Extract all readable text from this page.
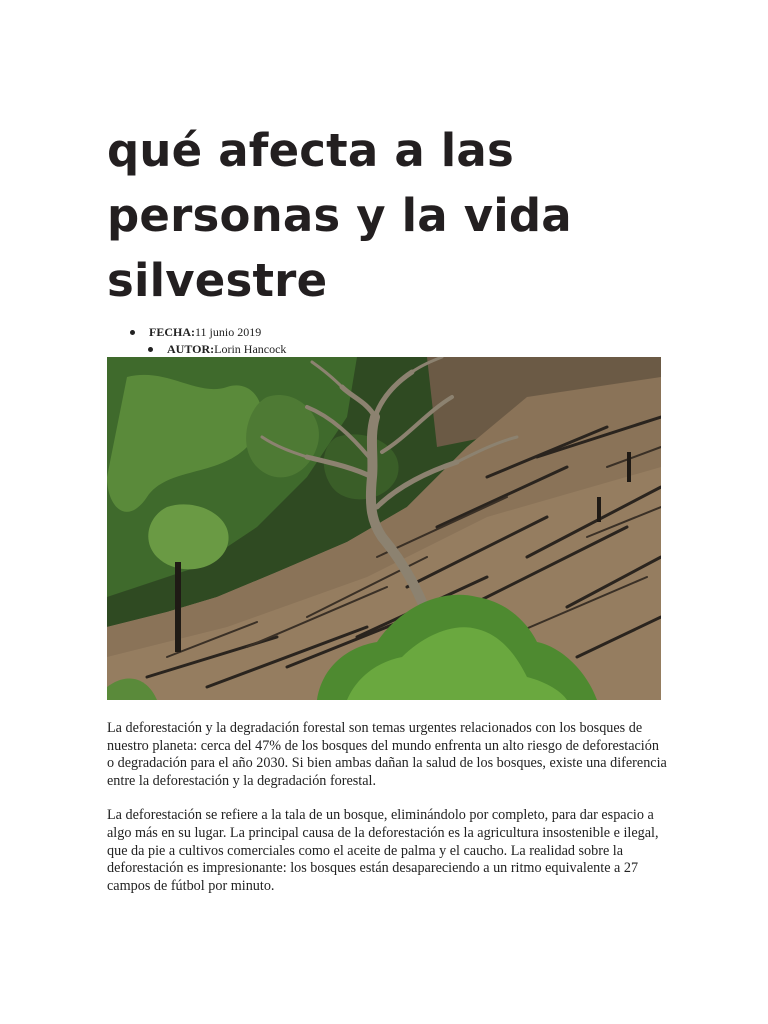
qué afecta a las personas y la vida silvestre
FECHA:11 junio 2019
AUTOR:Lorin Hancock

La deforestación y la degradación forestal son temas urgentes relacionados con los bosques de nuestro planeta: cerca del 47% de los bosques del mundo enfrenta un alto riesgo de deforestación o degradación para el año 2030. Si bien ambas dañan la salud de los bosques, existe una diferencia entre la deforestación y la degradación forestal.

La deforestación se refiere a la tala de un bosque, eliminándolo por completo, para dar espacio a algo más en su lugar. La principal causa de la deforestación es la agricultura insostenible e ilegal, que da pie a cultivos comerciales como el aceite de palma y el caucho. La realidad sobre la deforestación es impresionante: los bosques están desapareciendo a un ritmo equivalente a 27 campos de fútbol por minuto.
